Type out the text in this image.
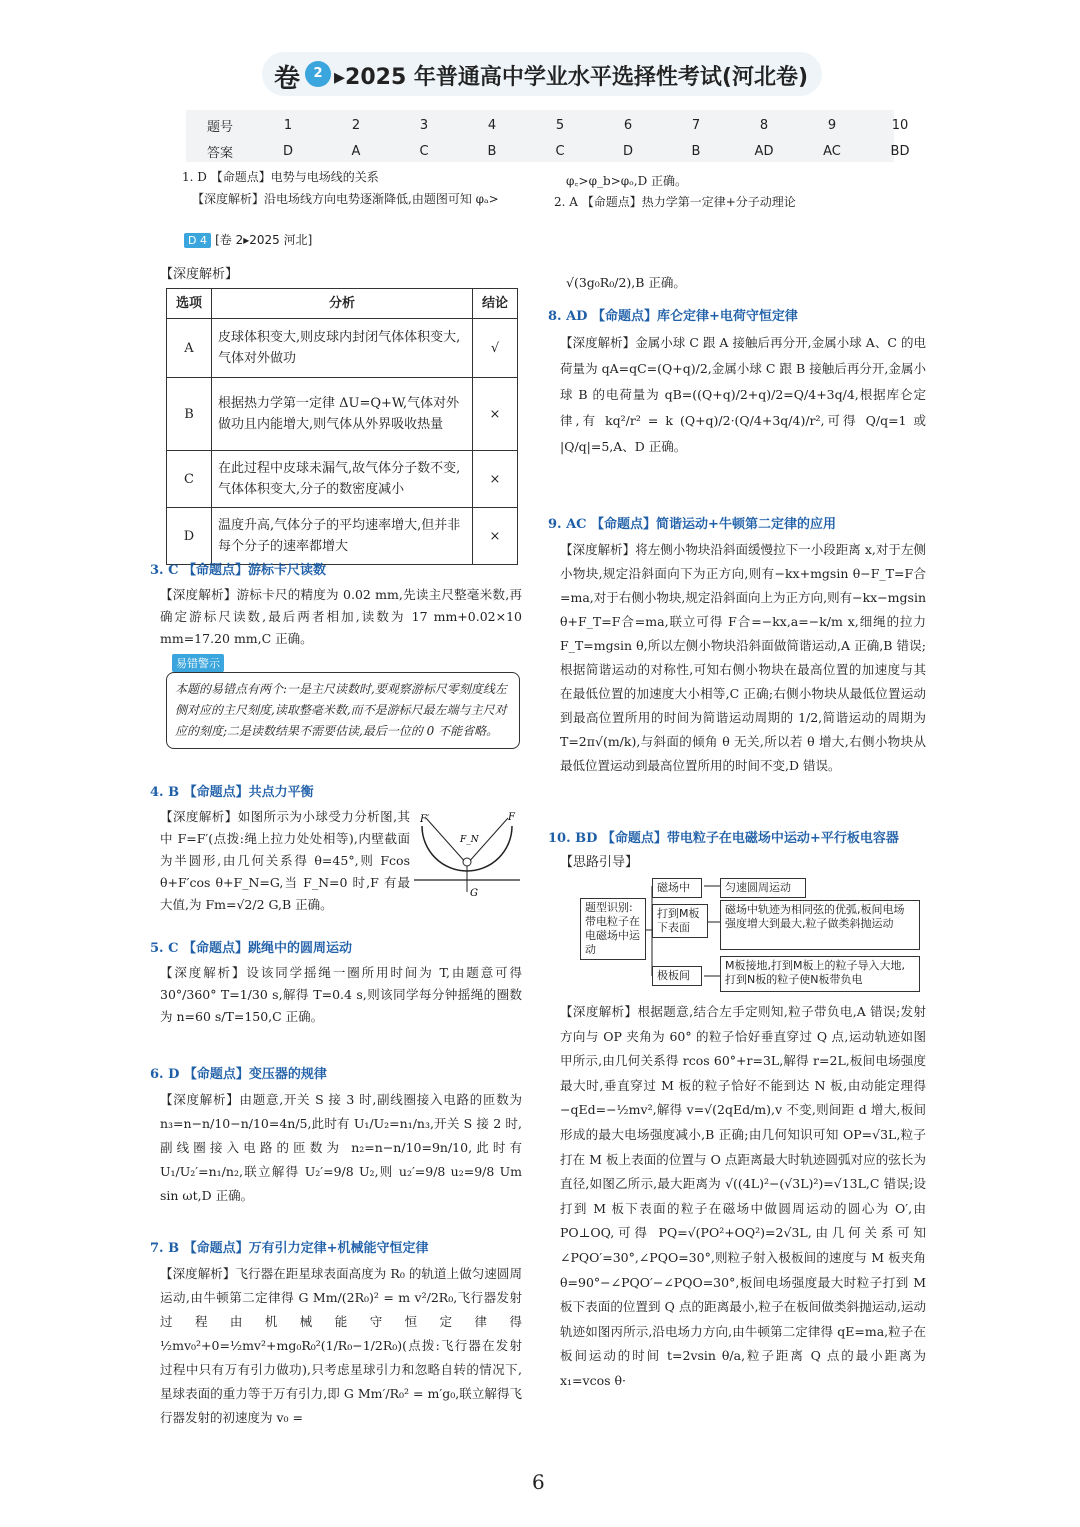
卷	2 ▸2025 年普通高中学业水平选择性考试(河北卷)
题号	1	2	3	4	5	6	7	8	9	10
答案	D	A	C	B	C	D	B	AD	AC	BD
1. D 【命题点】电势与电场线的关系
【深度解析】沿电场线方向电势逐渐降低,由题图可知 φₐ>
φ꜀>φ_b>φₒ,D 正确。
2. A 【命题点】热力学第一定律+分子动理论
D 4 [卷 2▸2025 河北]
【深度解析】
选项	分析	结论
A	皮球体积变大,则皮球内封闭气体体积变大,气体对外做功	√
B	根据热力学第一定律 ΔU=Q+W,气体对外做功且内能增大,则气体从外界吸收热量	×
C	在此过程中皮球未漏气,故气体分子数不变,气体体积变大,分子的数密度减小	×
D	温度升高,气体分子的平均速率增大,但并非每个分子的速率都增大	×
3. C 【命题点】游标卡尺读数
【深度解析】游标卡尺的精度为 0.02 mm,先读主尺整毫米数,再确定游标尺读数,最后两者相加,读数为 17 mm+0.02×10 mm=17.20 mm,C 正确。
易错警示
本题的易错点有两个:一是主尺读数时,要观察游标尺零刻度线左侧对应的主尺刻度,读取整毫米数,而不是游标尺最左端与主尺对应的刻度;二是读数结果不需要估读,最后一位的 0 不能省略。
4. B 【命题点】共点力平衡
【深度解析】如图所示为小球受力分析图,其中 F=F′(点拨:绳上拉力处处相等),内壁截面为半圆形,由几何关系得 θ=45°,则 Fcos θ+F′cos θ+F_N=G,当 F_N=0 时,F 有最大值,为 Fm=√2/2 G,B 正确。
F
F′
F_N
G
5. C 【命题点】跳绳中的圆周运动
【深度解析】设该同学摇绳一圈所用时间为 T,由题意可得 30°/360° T=1/30 s,解得 T=0.4 s,则该同学每分钟摇绳的圈数为 n=60 s/T=150,C 正确。
6. D 【命题点】变压器的规律
【深度解析】由题意,开关 S 接 3 时,副线圈接入电路的匝数为 n₃=n−n/10−n/10=4n/5,此时有 U₁/U₂=n₁/n₃,开关 S 接 2 时,副线圈接入电路的匝数为 n₂=n−n/10=9n/10,此时有 U₁/U₂′=n₁/n₂,联立解得 U₂′=9/8 U₂,则 u₂′=9/8 u₂=9/8 Um sin ωt,D 正确。
7. B 【命题点】万有引力定律+机械能守恒定律
【深度解析】飞行器在距星球表面高度为 R₀ 的轨道上做匀速圆周运动,由牛顿第二定律得 G Mm/(2R₀)² = m v²/2R₀,飞行器发射过程由机械能守恒定律得 ½mv₀²+0=½mv²+mg₀R₀²(1/R₀−1/2R₀)(点拨:飞行器在发射过程中只有万有引力做功),只考虑星球引力和忽略自转的情况下,星球表面的重力等于万有引力,即 G Mm′/R₀² = m′g₀,联立解得飞行器发射的初速度为 v₀ =
√(3g₀R₀/2),B 正确。
8. AD 【命题点】库仑定律+电荷守恒定律
【深度解析】金属小球 C 跟 A 接触后再分开,金属小球 A、C 的电荷量为 qA=qC=(Q+q)/2,金属小球 C 跟 B 接触后再分开,金属小球 B 的电荷量为 qB=((Q+q)/2+q)/2=Q/4+3q/4,根据库仑定律,有 kq²/r² = k (Q+q)/2·(Q/4+3q/4)/r²,可得 Q/q=1 或 |Q/q|=5,A、D 正确。
9. AC 【命题点】简谐运动+牛顿第二定律的应用
【深度解析】将左侧小物块沿斜面缓慢拉下一小段距离 x,对于左侧小物块,规定沿斜面向下为正方向,则有−kx+mgsin θ−F_T=F合=ma,对于右侧小物块,规定沿斜面向上为正方向,则有−kx−mgsin θ+F_T=F合=ma,联立可得 F合=−kx,a=−k/m x,细绳的拉力 F_T=mgsin θ,所以左侧小物块沿斜面做简谐运动,A 正确,B 错误;根据简谐运动的对称性,可知右侧小物块在最高位置的加速度与其在最低位置的加速度大小相等,C 正确;右侧小物块从最低位置运动到最高位置所用的时间为简谐运动周期的 1/2,简谐运动的周期为 T=2π√(m/k),与斜面的倾角 θ 无关,所以若 θ 增大,右侧小物块从最低位置运动到最高位置所用的时间不变,D 错误。
10. BD 【命题点】带电粒子在电磁场中运动+平行板电容器
【思路引导】
题型识别:带电粒子在电磁场中运动
磁场中	匀速圆周运动
打到M板下表面
磁场中轨迹为相同弦的优弧,板间电场强度增大到最大,粒子做类斜抛运动
极板间
M板接地,打到M板上的粒子导入大地,打到N板的粒子使N板带负电
【深度解析】根据题意,结合左手定则知,粒子带负电,A 错误;发射方向与 OP 夹角为 60° 的粒子恰好垂直穿过 Q 点,运动轨迹如图甲所示,由几何关系得 rcos 60°+r=3L,解得 r=2L,板间电场强度最大时,垂直穿过 M 板的粒子恰好不能到达 N 板,由动能定理得 −qEd=−½mv²,解得 v=√(2qEd/m),v 不变,则间距 d 增大,板间形成的最大电场强度减小,B 正确;由几何知识可知 OP=√3L,粒子打在 M 板上表面的位置与 O 点距离最大时轨迹圆弧对应的弦长为直径,如图乙所示,最大距离为 √((4L)²−(√3L)²)=√13L,C 错误;设打到 M 板下表面的粒子在磁场中做圆周运动的圆心为 O′,由 PO⊥OQ,可得 PQ=√(PO²+OQ²)=2√3L,由几何关系可知 ∠PQO′=30°,∠PQO=30°,则粒子射入极板间的速度与 M 板夹角 θ=90°−∠PQO′−∠PQO=30°,板间电场强度最大时粒子打到 M 板下表面的位置到 Q 点的距离最小,粒子在板间做类斜抛运动,运动轨迹如图丙所示,沿电场力方向,由牛顿第二定律得 qE=ma,粒子在板间运动的时间 t=2vsin θ/a,粒子距离 Q 点的最小距离为 x₁=vcos θ·
6
